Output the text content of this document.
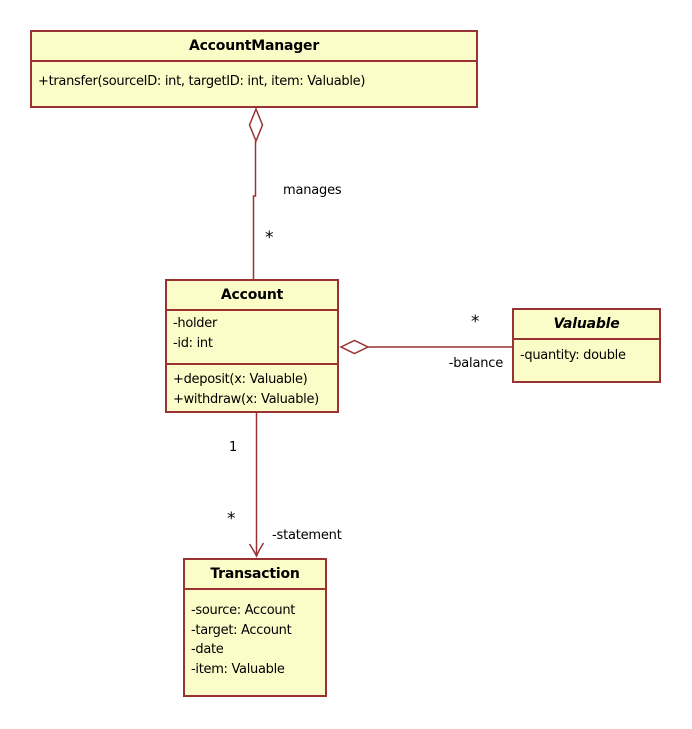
AccountManager
+transfer(sourceID: int, targetID: int, item: Valuable)
Account
-holder
-id: int
+deposit(x: Valuable)
+withdraw(x: Valuable)
Valuable
-quantity: double
Transaction
-source: Account
-target: Account
-date
-item: Valuable
manages
*
*
-balance
1
*
-statement
